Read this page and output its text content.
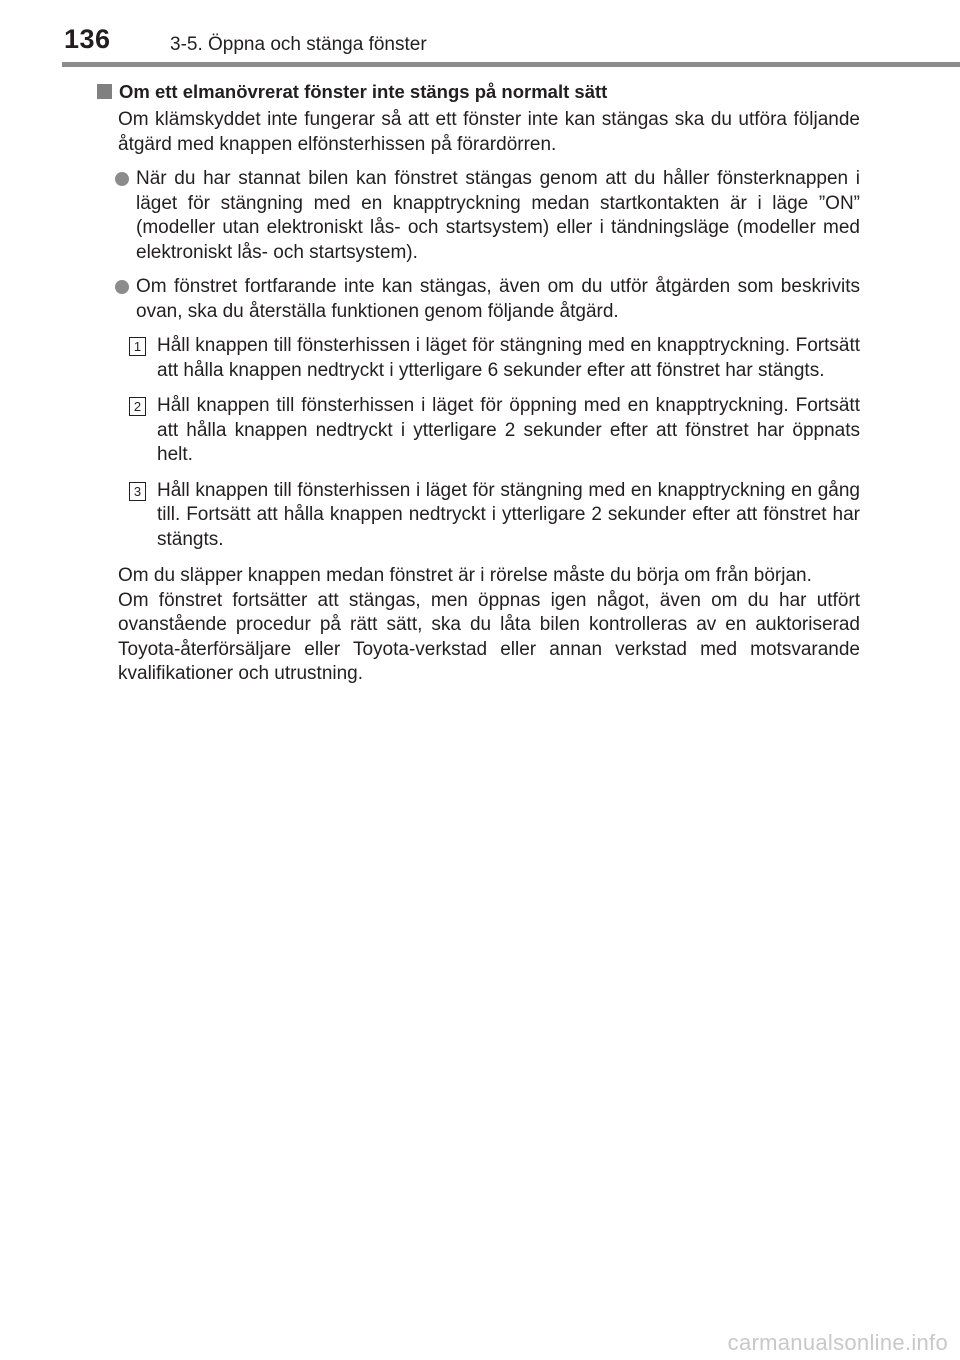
136	3-5. Öppna och stänga fönster
Om ett elmanövrerat fönster inte stängs på normalt sätt
Om klämskyddet inte fungerar så att ett fönster inte kan stängas ska du utföra följande åtgärd med knappen elfönsterhissen på förardörren.
När du har stannat bilen kan fönstret stängas genom att du håller fönsterknappen i läget för stängning med en knapptryckning medan startkontakten är i läge ”ON” (modeller utan elektroniskt lås- och startsystem) eller i tändningsläge (modeller med elektroniskt lås- och startsystem).
Om fönstret fortfarande inte kan stängas, även om du utför åtgärden som beskrivits ovan, ska du återställa funktionen genom följande åtgärd.
1 Håll knappen till fönsterhissen i läget för stängning med en knapptryckning. Fortsätt att hålla knappen nedtryckt i ytterligare 6 sekunder efter att fönstret har stängts.
2 Håll knappen till fönsterhissen i läget för öppning med en knapptryckning. Fortsätt att hålla knappen nedtryckt i ytterligare 2 sekunder efter att fönstret har öppnats helt.
3 Håll knappen till fönsterhissen i läget för stängning med en knapptryckning en gång till. Fortsätt att hålla knappen nedtryckt i ytterligare 2 sekunder efter att fönstret har stängts.
Om du släpper knappen medan fönstret är i rörelse måste du börja om från början.
Om fönstret fortsätter att stängas, men öppnas igen något, även om du har utfört ovanstående procedur på rätt sätt, ska du låta bilen kontrolleras av en auktoriserad Toyota-återförsäljare eller Toyota-verkstad eller annan verkstad med motsvarande kvalifikationer och utrustning.
carmanualsonline.info
